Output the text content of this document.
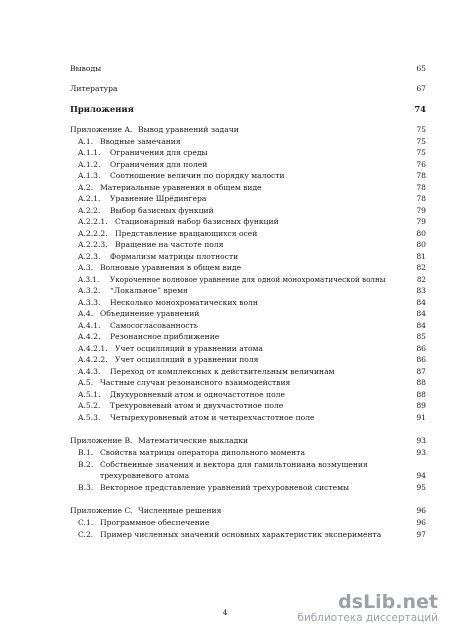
Выводы	65
Литература	67
Приложения	74
Приложение A. Вывод уравнений задачи	75
A.1. Вводные замечания	75
A.1.1. Ограничения для среды	75
A.1.2. Ограничения для полей	76
A.1.3. Соотношение величин по порядку малости	78
A.2. Материальные уравнения в общем виде	78
A.2.1. Уравнение Шрёдингера	78
A.2.2. Выбор базисных функций	79
A.2.2.1. Стационарный набор базисных функций	79
A.2.2.2. Представление вращающихся осей	80
A.2.2.3. Вращение на частоте поля	80
A.2.3. Формализм матрицы плотности	81
A.3. Волновые уравнения в общем виде	82
A.3.1. Укороченное волновое уравнение для одной монохроматической волны	82
A.3.2. “Локальное” время	83
A.3.3. Несколько монохроматических волн	84
A.4. Объединение уравнений	84
A.4.1. Самосогласованность	84
A.4.2. Резонансное приближение	85
A.4.2.1. Учет осцилляций в уравнении атома	86
A.4.2.2. Учет осцилляций в уравнении поля	86
A.4.3. Переход от комплексных к действительным величинам	87
A.5. Частные случаи резонансного взаимодействия	88
A.5.1. Двухуровневый атом и одночастотное поле	88
A.5.2. Трехуровневый атом и двухчастотное поле	89
A.5.3. Четырехуровневый атом и четырехчастотное поле	91
Приложение B. Математические выкладки	93
B.1. Свойства матрицы оператора дипольного момента	93
B.2. Собственные значения и вектора для гамильтониана возмущения
трехуровневого атома	94
B.3. Векторное представление уравнений трехуровневой системы	95
Приложение C. Численные решения	96
C.1. Программное обеспечение	96
C.2. Пример численных значений основных характеристик эксперимента	97
4	dsLib.net
библиотека диссертаций
